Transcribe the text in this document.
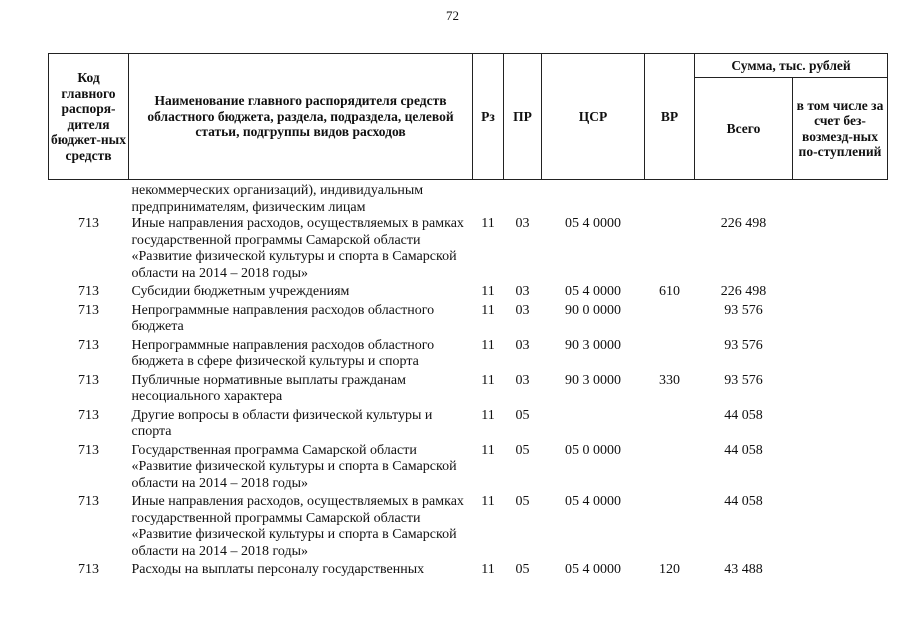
72
Код главного распоря-дителя бюджет-ных средств	Наименование главного распорядителя средств областного бюджета, раздела, подраздела, целевой статьи, подгруппы видов расходов	Рз	ПР	ЦСР	ВР	Сумма, тыс. рублей	
						Всего	в том числе за счет без-возмезд-ных по-ступлений
	некоммерческих организаций), индивидуальным предпринимателям, физическим лицам						
713	Иные направления расходов, осуществляемых в рамках государственной программы Самарской области «Развитие физической культуры и спорта в Самарской области на 2014 – 2018 годы»	11	03	05 4 0000		226 498	
713	Субсидии бюджетным учреждениям	11	03	05 4 0000	610	226 498	
713	Непрограммные направления расходов областного бюджета	11	03	90 0 0000		93 576	
713	Непрограммные направления расходов областного бюджета в сфере физической культуры и спорта	11	03	90 3 0000		93 576	
713	Публичные нормативные выплаты гражданам несоциального характера	11	03	90 3 0000	330	93 576	
713	Другие вопросы в области физической культуры и спорта	11	05			44 058	
713	Государственная программа Самарской области «Развитие физической культуры и спорта в Самарской области на 2014 – 2018 годы»	11	05	05 0 0000		44 058	
713	Иные направления расходов, осуществляемых в рамках государственной программы Самарской области «Развитие физической культуры и спорта в Самарской области на 2014 – 2018 годы»	11	05	05 4 0000		44 058	
713	Расходы на выплаты персоналу государственных	11	05	05 4 0000	120	43 488	
